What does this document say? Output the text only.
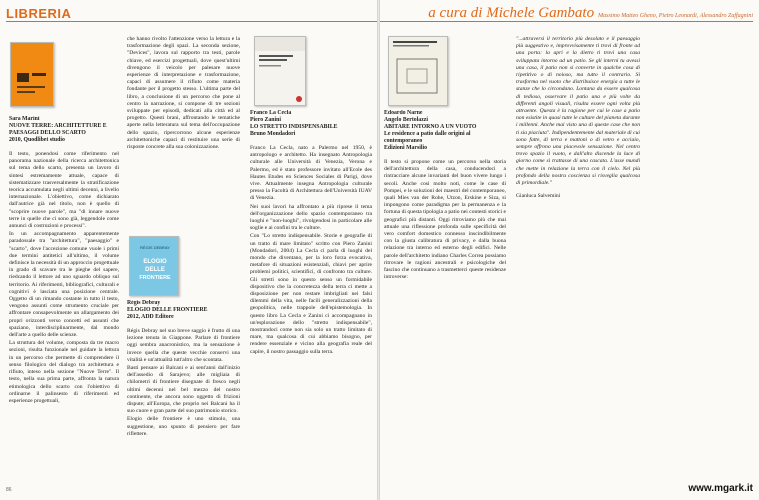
LIBRERIA	a cura di Michele Gambato Massimo Matteo Gheno, Pietro Leonardi, Alessandro Zaffagnini
Sara Marini
NUOVE TERRE: ARCHITETTURE E PAESAGGI DELLO SCARTO
2010, Quodlibet studio

Il testo, ponendosi come riferimento nel panorama nazionale della ricerca architettonica sul tema dello scarto, presenta un lavoro di sintesi estremamente attuale, capace di sistematizzare trasversalmente la stratificazione teorica accumulata negli ultimi decenni, a livello internazionale. L'obiettivo, come dichiarato dall'autrice già nel titolo, non è quello di "scoprire nuove parole", ma "di innare nuove terre in quelle che ci sono già, leggendole come annunci di costruzioni e processi".

In un accompagnamento apparentemente paradossale tra "architettura", "paesaggio" e "scarto", dove l'accezione comune vuole i primi due termini antitetici all'ultimo, il volume definisce la necessità di un approccio progettuale in grado di scavare tra le pieghe del sapere, riedcando il lettore ad uno sguardo obliquo sul territorio. Ai riferimenti, bibliografici, culturali e cognitivi è lasciata una posizione centrale. Oggetto di un rimando costante in tutto il testo, vengono assunti come strumento cruciale per affrontare consapevolmente un allargamento dei propri orizzonti verso concetti ed assunti che spaziano, interdisciplinarmente, dal mondo dell'arte a quello delle scienze.

La struttura del volume, composta da tre macro sezioni, risulta funzionale nel guidare la lettura in un percorso che permette di comprendere il senso filologico del dialogo tra architettura e rifiuto, inteso nella sezione "Nuove Terre". Il testo, nella sua prima parte, affronta la natura etimologica dello scarto con l'obiettivo di ordinarne il palinsesto di riferimenti ed esperienze progettuali,

che hanno rivolto l'attenzione verso la lettura e la trasformazione degli spazi. La seconda sezione, "Devices", lavora sul rapporto tra testi, parole chiave, ed esercizi progettuali, dove quest'ultimi divengono il veicolo per palesare nuove esperienze di interpretazione e trasformazione, capaci di assumere il rifiuto come materia fondante per il progetto stesso. L'ultima parte del libro, a conclusione di un percorso che pone al centro la narrazione, si compone di tre sezioni sviluppate per episodi, dedicati alla città ed al progetto. Questi brani, affrontando le tematiche aperte nella letteratura sul tema dell'occupazione dello spazio, ripercorrono alcune esperienze architettoniche capaci di restituire una serie di risposte concrete alla sua colonizzazione.

RÉGIS DEBRAY
ELOGIO
DELLE
FRONTIERE
Régis Debray
ELOGIO DELLE FRONTIERE
2012, ADD Editore

Régis Debray nel suo breve saggio è frutto di una lezione tenuta in Giappone. Parlare di frontiere oggi sembra anacronistico, ma la sensazione è invece quella che queste vecchie conservi una vitalità e un'attualità tutt'altro che scontata.

Basti pensare ai Balcani e ai sent'anni dall'inizio dell'assedio di Sarajevo; alle migliaia di chilometri di frontiere disegnate di fresco negli ultimi decenni nel bel mezzo del nostro continente, che ancora sono oggetto di frizioni dispute; all'Europa, che proprio nei Balcani ha il suo cuore e gran parte del suo patrimonio storico.

Elogio delle frontiere è uno stimolo, una suggestione, uno spunto di pensiero per fare riflettere.

Franco La Cecla
Piero Zanini
LO STRETTO INDISPENSABILE
Bruno Mondadori

Franco La Cecla, nato a Palermo nel 1950, è antropologo e architetto. Ha insegnato Antropologia culturale alle Università di Venezia, Verona e Palermo, ed è stato professore invitato all'Ecole des Hautes Etudes en Sciences Sociales di Parigi, dove vive. Attualmente insegna Antropologia culturale presso la Facoltà di Architettura dell'Università IUAV di Venezia.

Nei suoi lavori ha affrontato a più riprese il tema dell'organizzazione dello spazio contemporaneo tra luoghi e "non-luoghi", rivolgendosi in particolare alle soglie e ai confini tra le culture.

Con "Lo stretto indispensabile. Storie e geografie di un tratto di mare limitato" scritto con Piero Zanini (Mondadori, 2004) La Cecla ci parla di luoghi del mondo che diventano, per la loro forza evocativa, metafore di situazioni esistenziali, chiavi per aprire problemi politici, scientifici, di confronto tra culture. Gli stretti sono in questo senso un formidabile dispositivo che la concretezza della terra ci mette a disposizione per non restare imbrigliati nei falsi dilemmi della vita, nelle facili generalizzazioni della geopolitica, nelle trappole dell'epistemologia. In questo libro La Cecla e Zanini ci accompagnano in un'esplorazione dello "stretto indispensabile", mostrandoci come non sia solo un tratto limitato di mare, ma qualcosa di cui abbiamo bisogno, per rendere essenziale e vicino alla geografia reale del capire, il nostro passaggio sulla terra.

Edoardo Narne
Angelo Bertolazzi
ABITARE INTORNO A UN VUOTO
Le residence a patio dalle origini al contemporaneo
Edizioni Marsilio

Il testo si propone come un percorso nella storia dell'architettura della casa, conducendoci a rintracciare alcune invarianti del buon vivere lungo i secoli. Anche così molto noti, come le case di Pompei, e le soluzioni dei maestri del contemporaneo, quali Mies van der Rohe, Utzon, Erskine e Siza, si impongono come paradigma per la permanenza e la fortuna di questa tipologia a patio nei contesti storici e geografici più distanti. Oggi ritroviamo più che mai attuale una riflessione profonda sulle specificità del vero comfort domestico connesso inscindibilmente con la giusta calibratura di privacy, e dalla buona relazione tra interno ed esterno degli edifici. Nelle parole dell'architetto indiano Charles Correa possiamo ritrovare le ragioni ancestrali e psicologiche del fascino che continuano a trasmetterci queste residenze introverse:

"...attraversi il territorio più desolato e il paesaggio più suggestivo e, improvvisamente ti trovi di fronte ad una porta: la apri e la dietro ti trovi una casa sviluppata intorno ad un patio. Se gli interni tu avessi una casa, il patio non si converte in qualche cosa di ripetitivo o di noioso, ma tutto il contrario. Si trasforma nel vuoto che distribuisce energia a tutte le stanze che lo circondano. Lontana da essere qualcosa di tedioso, osservare il patio una e più volte da differenti angoli visuali, risulta essere ogni volta più attraente. Questa è la ragione per cui le case a patio non esistite in quasi tutte le culture del pianeta durante i millenni. Anche mai visto una di queste case che non ti sia piaciuta". Indipendentemente dal materiale di cui sono fatte, di terra e mattoni o di vetro e acciaio, sempre offrono una piacevole sensazione. Nel centro trovo spazio il vuoto, e dall'alto discende la luce di giorno come si trattasse di una cascata. L'asse mundi che mette in relazione la terra con il cielo. Nel più profondo della nostra coscienza si risveglia qualcosa di primordiale."

Gianluca Salvemini

86	www.mgark.it
